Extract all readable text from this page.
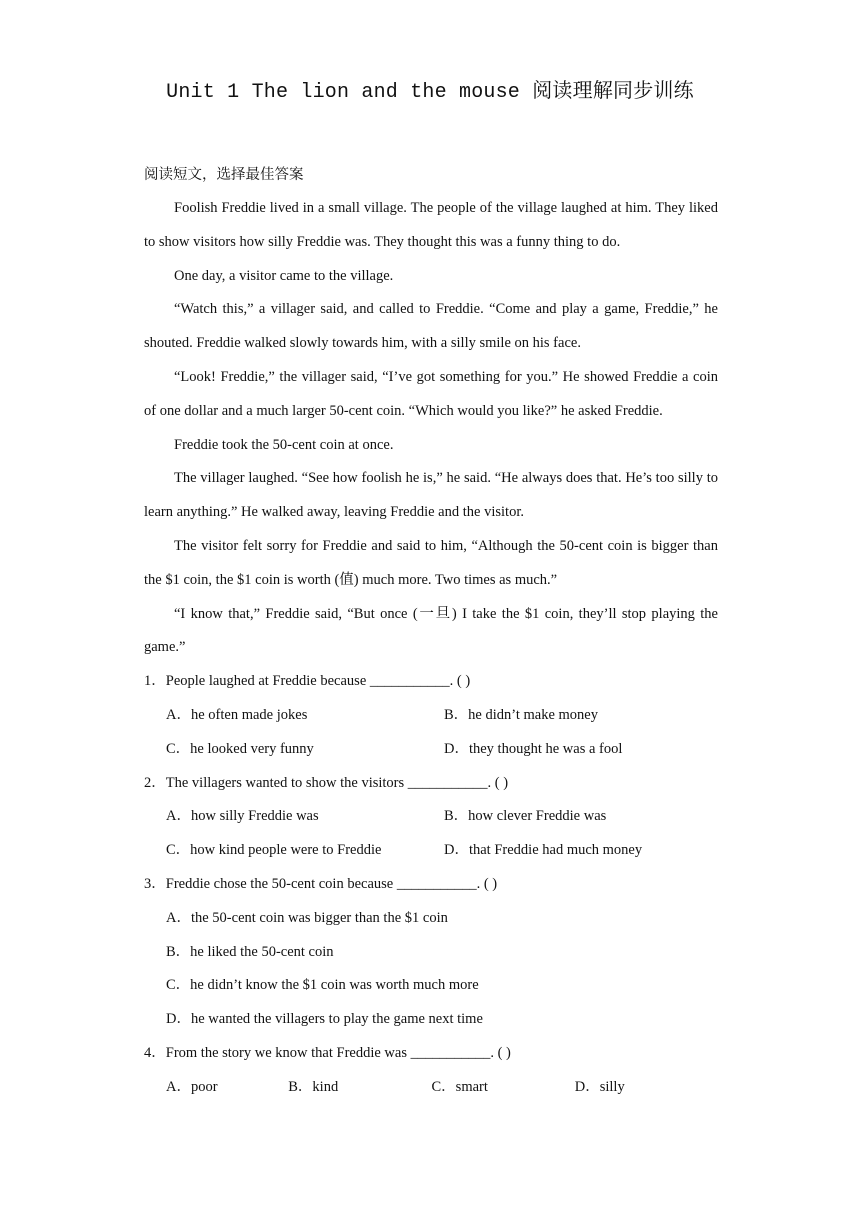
Unit 1 The lion and the mouse 阅读理解同步训练

阅读短文，选择最佳答案

Foolish Freddie lived in a small village. The people of the village laughed at him. They liked to show visitors how silly Freddie was. They thought this was a funny thing to do.

One day, a visitor came to the village.

“Watch this,” a villager said, and called to Freddie. “Come and play a game, Freddie,” he shouted. Freddie walked slowly towards him, with a silly smile on his face.

“Look! Freddie,” the villager said, “I’ve got something for you.” He showed Freddie a coin of one dollar and a much larger 50-cent coin. “Which would you like?” he asked Freddie.

Freddie took the 50-cent coin at once.

The villager laughed. “See how foolish he is,” he said. “He always does that. He’s too silly to learn anything.” He walked away, leaving Freddie and the visitor.

The visitor felt sorry for Freddie and said to him, “Although the 50-cent coin is bigger than the $1 coin, the $1 coin is worth (值) much more. Two times as much.”

“I know that,” Freddie said, “But once (一旦) I take the $1 coin, they’ll stop playing the game.”

1．People laughed at Freddie because ___________. ( )

A．he often made jokes	B．he didn’t make money
C．he looked very funny	D．they thought he was a fool

2．The villagers wanted to show the visitors ___________. ( )

A．how silly Freddie was	B．how clever Freddie was
C．how kind people were to Freddie	D．that Freddie had much money

3．Freddie chose the 50-cent coin because ___________. ( )

A．the 50-cent coin was bigger than the $1 coin

B．he liked the 50-cent coin

C．he didn’t know the $1 coin was worth much more

D．he wanted the villagers to play the game next time

4．From the story we know that Freddie was ___________. ( )

A．poor	B．kind	C．smart	D．silly
